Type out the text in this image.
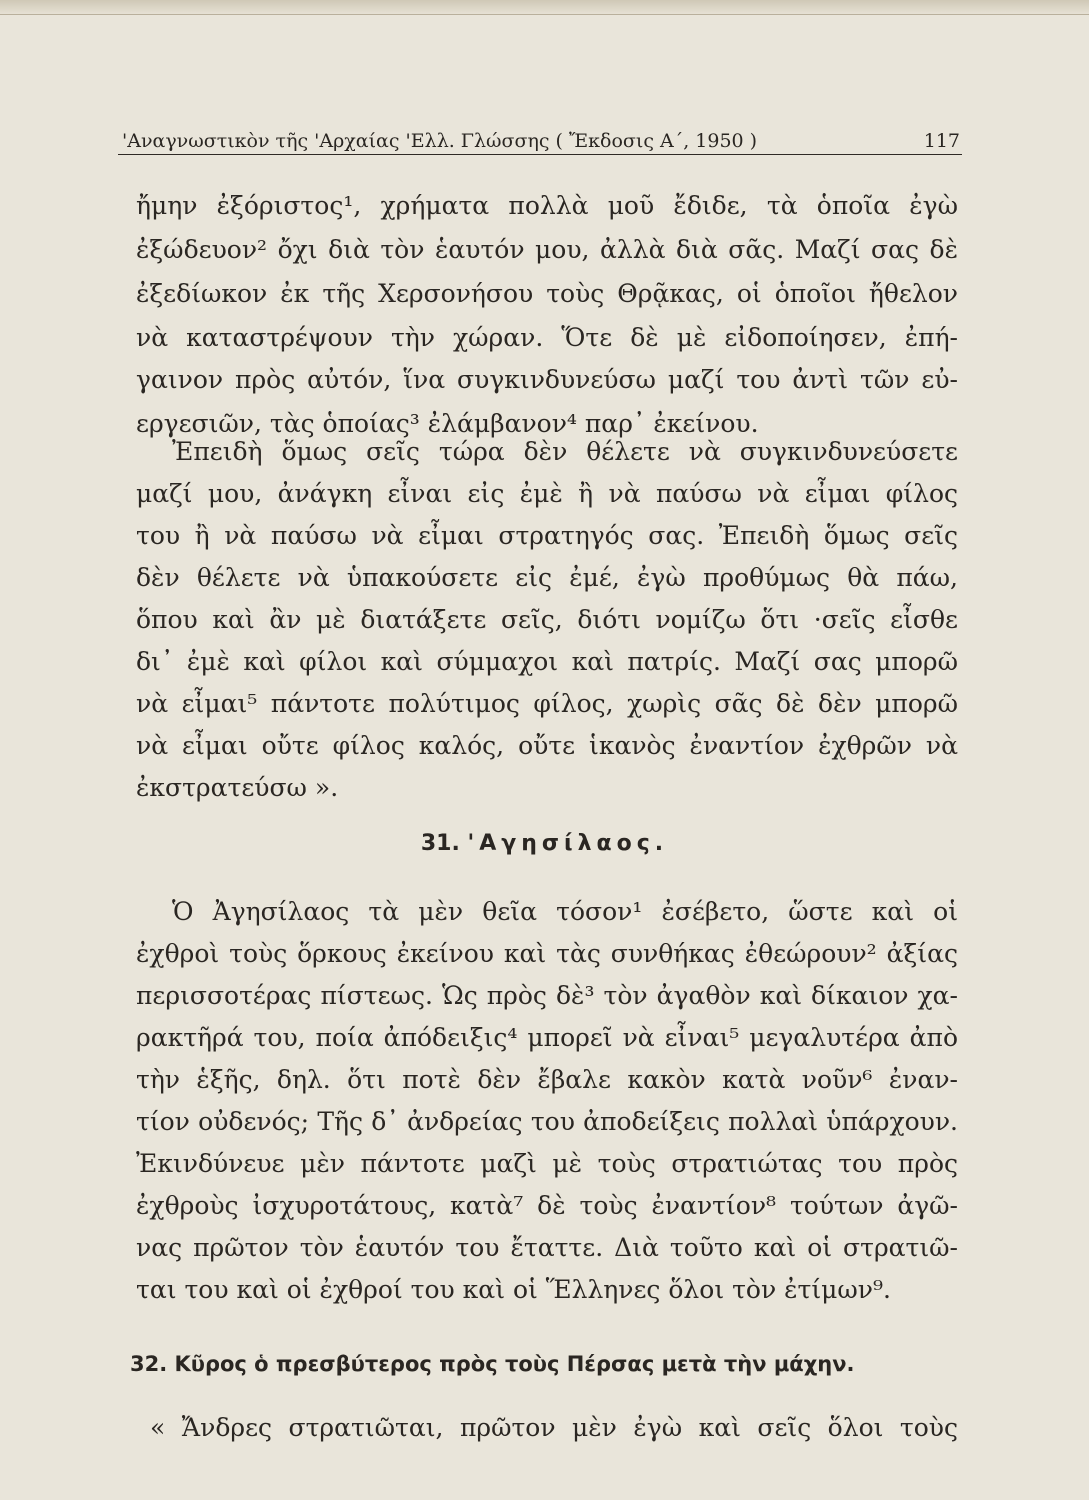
'Αναγνωστικὸν τῆς 'Αρχαίας 'Ελλ. Γλώσσης ( Ἔκδοσις Α΄, 1950 )	117
ἤμην ἐξόριστος¹, χρήματα πολλὰ μοῦ ἔδιδε, τὰ ὁποῖα ἐγὼ
ἐξώδευον² ὄχι διὰ τὸν ἑαυτόν μου, ἀλλὰ διὰ σᾶς. Μαζί σας δὲ
ἐξεδίωκον ἐκ τῆς Χερσονήσου τοὺς Θρᾷκας, οἱ ὁποῖοι ἤθελον
νὰ καταστρέψουν τὴν χώραν. Ὅτε δὲ μὲ εἰδοποίησεν, ἐπή-
γαινον πρὸς αὐτόν, ἵνα συγκινδυνεύσω μαζί του ἀντὶ τῶν εὐ-
εργεσιῶν, τὰς ὁποίας³ ἐλάμβανον⁴ παρ᾽ ἐκείνου.
Ἐπειδὴ ὅμως σεῖς τώρα δὲν θέλετε νὰ συγκινδυνεύσετε
μαζί μου, ἀνάγκη εἶναι εἰς ἐμὲ ἢ νὰ παύσω νὰ εἶμαι φίλος
του ἢ νὰ παύσω νὰ εἶμαι στρατηγός σας. Ἐπειδὴ ὅμως σεῖς
δὲν θέλετε νὰ ὑπακούσετε εἰς ἐμέ, ἐγὼ προθύμως θὰ πάω,
ὅπου καὶ ἂν μὲ διατάξετε σεῖς, διότι νομίζω ὅτι ·σεῖς εἶσθε
δι᾽ ἐμὲ καὶ φίλοι καὶ σύμμαχοι καὶ πατρίς. Μαζί σας μπορῶ
νὰ εἶμαι⁵ πάντοτε πολύτιμος φίλος, χωρὶς σᾶς δὲ δὲν μπορῶ
νὰ εἶμαι οὔτε φίλος καλός, οὔτε ἱκανὸς ἐναντίον ἐχθρῶν νὰ
ἐκστρατεύσω ».
31. 'Αγησίλαος.
Ὁ Ἀγησίλαος τὰ μὲν θεῖα τόσον¹ ἐσέβετο, ὥστε καὶ οἱ
ἐχθροὶ τοὺς ὅρκους ἐκείνου καὶ τὰς συνθήκας ἐθεώρουν² ἀξίας
περισσοτέρας πίστεως. Ὡς πρὸς δὲ³ τὸν ἀγαθὸν καὶ δίκαιον χα-
ρακτῆρά του, ποία ἀπόδειξις⁴ μπορεῖ νὰ εἶναι⁵ μεγαλυτέρα ἀπὸ
τὴν ἑξῆς, δηλ. ὅτι ποτὲ δὲν ἔβαλε κακὸν κατὰ νοῦν⁶ ἐναν-
τίον οὐδενός; Τῆς δ᾽ ἀνδρείας του ἀποδείξεις πολλαὶ ὑπάρχουν.
Ἐκινδύνευε μὲν πάντοτε μαζὶ μὲ τοὺς στρατιώτας του πρὸς
ἐχθροὺς ἰσχυροτάτους, κατὰ⁷ δὲ τοὺς ἐναντίον⁸ τούτων ἀγῶ-
νας πρῶτον τὸν ἑαυτόν του ἔταττε. Διὰ τοῦτο καὶ οἱ στρατιῶ-
ται του καὶ οἱ ἐχθροί του καὶ οἱ Ἕλληνες ὅλοι τὸν ἐτίμων⁹.
32. Κῦρος ὁ πρεσβύτερος πρὸς τοὺς Πέρσας μετὰ τὴν μάχην.
« Ἄνδρες στρατιῶται, πρῶτον μὲν ἐγὼ καὶ σεῖς ὅλοι τοὺς
